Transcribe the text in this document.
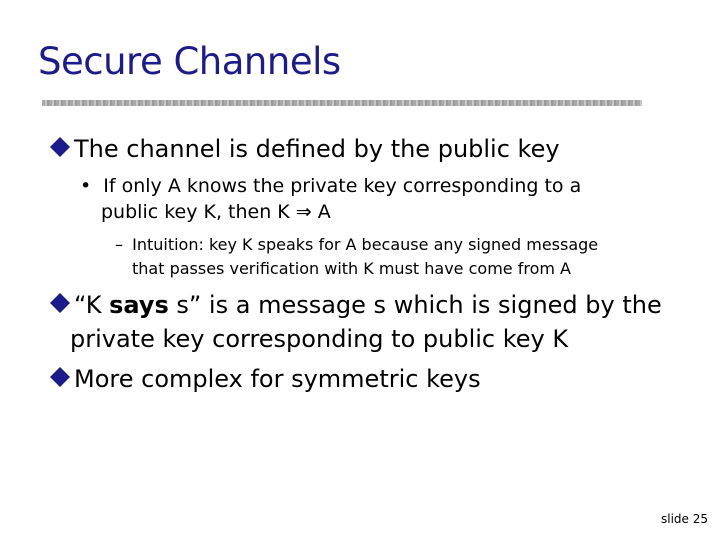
Secure Channels
The channel is defined by the public key
• If only A knows the private key corresponding to a
public key K, then K ⇒ A
– Intuition: key K speaks for A because any signed message
that passes verification with K must have come from A
“K says s” is a message s which is signed by the
private key corresponding to public key K
More complex for symmetric keys
slide 25
